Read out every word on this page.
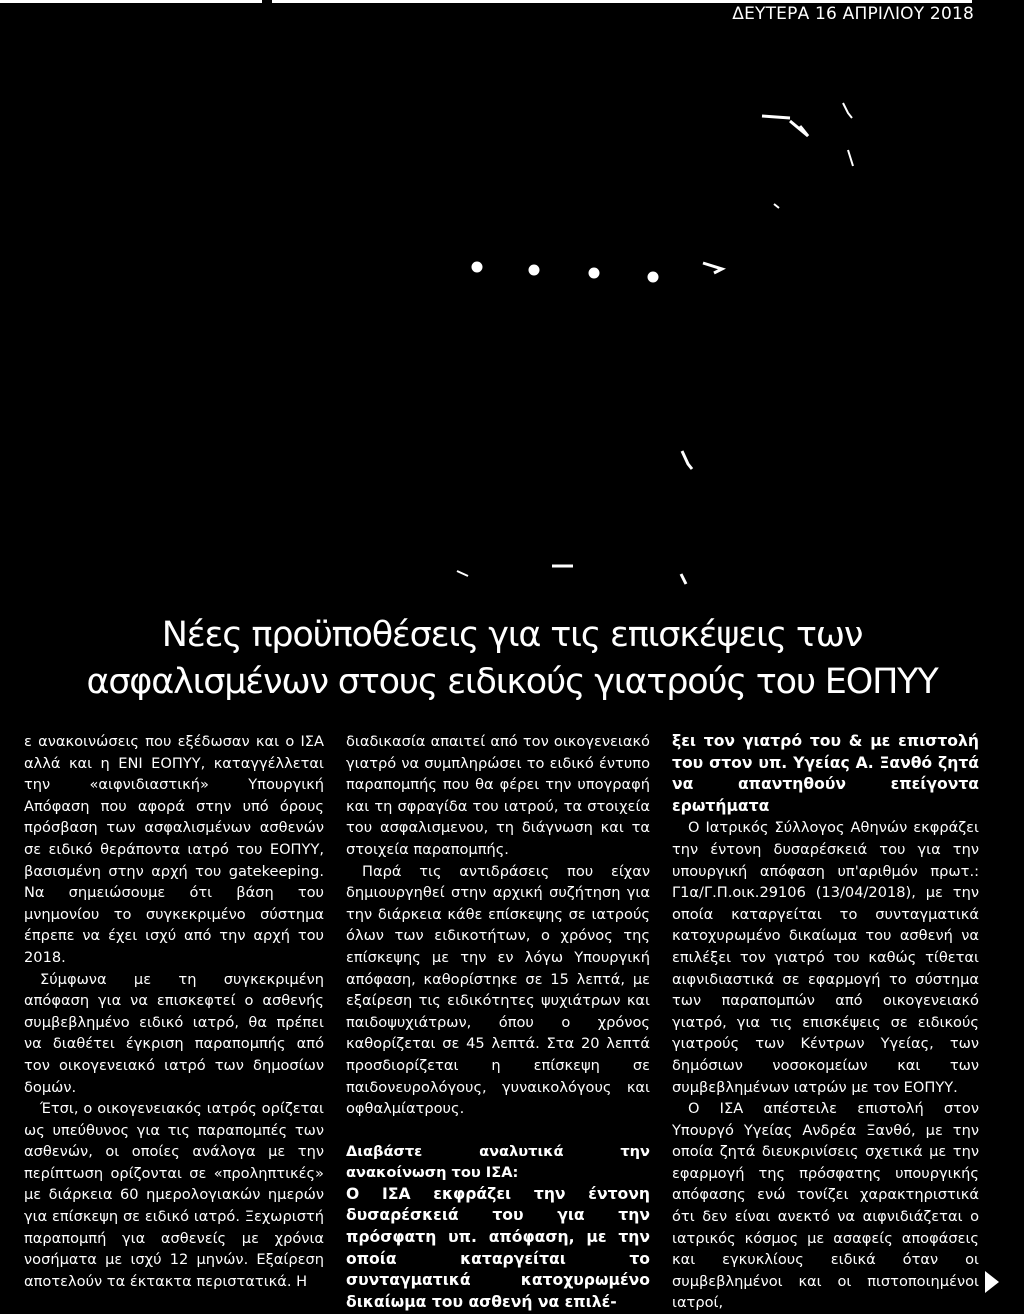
ΔΕΥΤΕΡΑ 16 ΑΠΡΙΛΙΟΥ 2018
Νέες προϋποθέσεις για τις επισκέψεις των
ασφαλισμένων στους ειδικούς γιατρούς του ΕΟΠΥΥ

ε ανακοινώσεις που εξέδωσαν και ο ΙΣΑ αλλά και η ΕΝΙ ΕΟΠΥΥ, καταγγέλλεται την «αιφνιδιαστική» Υπουργική Απόφαση που αφορά στην υπό όρους πρόσβαση των ασφαλισμένων ασθενών σε ειδικό θεράποντα ιατρό του ΕΟΠΥΥ, βασισμένη στην αρχή του gatekeeping. Να σημειώσουμε ότι βάση του μνημονίου το συγκεκριμένο σύστημα έπρεπε να έχει ισχύ από την αρχή του 2018.

Σύμφωνα με τη συγκεκριμένη απόφαση για να επισκεφτεί ο ασθενής συμβεβλημένο ειδικό ιατρό, θα πρέπει να διαθέτει έγκριση παραπομπής από τον οικογενειακό ιατρό των δημοσίων δομών.

Έτσι, ο οικογενειακός ιατρός ορίζεται ως υπεύθυνος για τις παραπομπές των ασθενών, οι οποίες ανάλογα με την περίπτωση ορίζονται σε «προληπτικές» με διάρκεια 60 ημερολογιακών ημερών για επίσκεψη σε ειδικό ιατρό. Ξεχωριστή παραπομπή για ασθενείς με χρόνια νοσήματα με ισχύ 12 μηνών. Εξαίρεση αποτελούν τα έκτακτα περιστατικά. Η

διαδικασία απαιτεί από τον οικογενειακό γιατρό να συμπληρώσει το ειδικό έντυπο παραπομπής που θα φέρει την υπογραφή και τη σφραγίδα του ιατρού, τα στοιχεία του ασφαλισμενου, τη διάγνωση και τα στοιχεία παραπομπής.

Παρά τις αντιδράσεις που είχαν δημιουργηθεί στην αρχική συζήτηση για την διάρκεια κάθε επίσκεψης σε ιατρούς όλων των ειδικοτήτων, ο χρόνος της επίσκεψης με την εν λόγω Υπουργική απόφαση, καθορίστηκε σε 15 λεπτά, με εξαίρεση τις ειδικότητες ψυχιάτρων και παιδοψυχιάτρων, όπου ο χρόνος καθορίζεται σε 45 λεπτά. Στα 20 λεπτά προσδιορίζεται η επίσκεψη σε παιδονευρολόγους, γυναικολόγους και οφθαλμίατρους.

Διαβάστε αναλυτικά την ανακοίνωση του ΙΣΑ:

Ο ΙΣΑ εκφράζει την έντονη δυσαρέσκειά του για την πρόσφατη υπ. απόφαση, με την οποία καταργείται το συνταγματικά κατοχυρωμένο δικαίωμα του ασθενή να επιλέ-

ξει τον γιατρό του & με επιστολή του στον υπ. Υγείας Α. Ξανθό ζητά να απαντηθούν επείγοντα ερωτήματα

Ο Ιατρικός Σύλλογος Αθηνών εκφράζει την έντονη δυσαρέσκειά του για την υπουργική απόφαση υπ'αριθμόν πρωτ.: Γ1α/Γ.Π.οικ.29106 (13/04/2018), με την οποία καταργείται το συνταγματικά κατοχυρωμένο δικαίωμα του ασθενή να επιλέξει τον γιατρό του καθώς τίθεται αιφνιδιαστικά σε εφαρμογή το σύστημα των παραπομπών από οικογενειακό γιατρό, για τις επισκέψεις σε ειδικούς γιατρούς των Κέντρων Υγείας, των δημόσιων νοσοκομείων και των συμβεβλημένων ιατρών με τον ΕΟΠΥΥ.

Ο ΙΣΑ απέστειλε επιστολή στον Υπουργό Υγείας Ανδρέα Ξανθό, με την οποία ζητά διευκρινίσεις σχετικά με την εφαρμογή της πρόσφατης υπουργικής απόφασης ενώ τονίζει χαρακτηριστικά ότι δεν είναι ανεκτό να αιφνιδιάζεται ο ιατρικός κόσμος με ασαφείς αποφάσεις και εγκυκλίους ειδικά όταν οι συμβεβλημένοι και οι πιστοποιημένοι ιατροί,
